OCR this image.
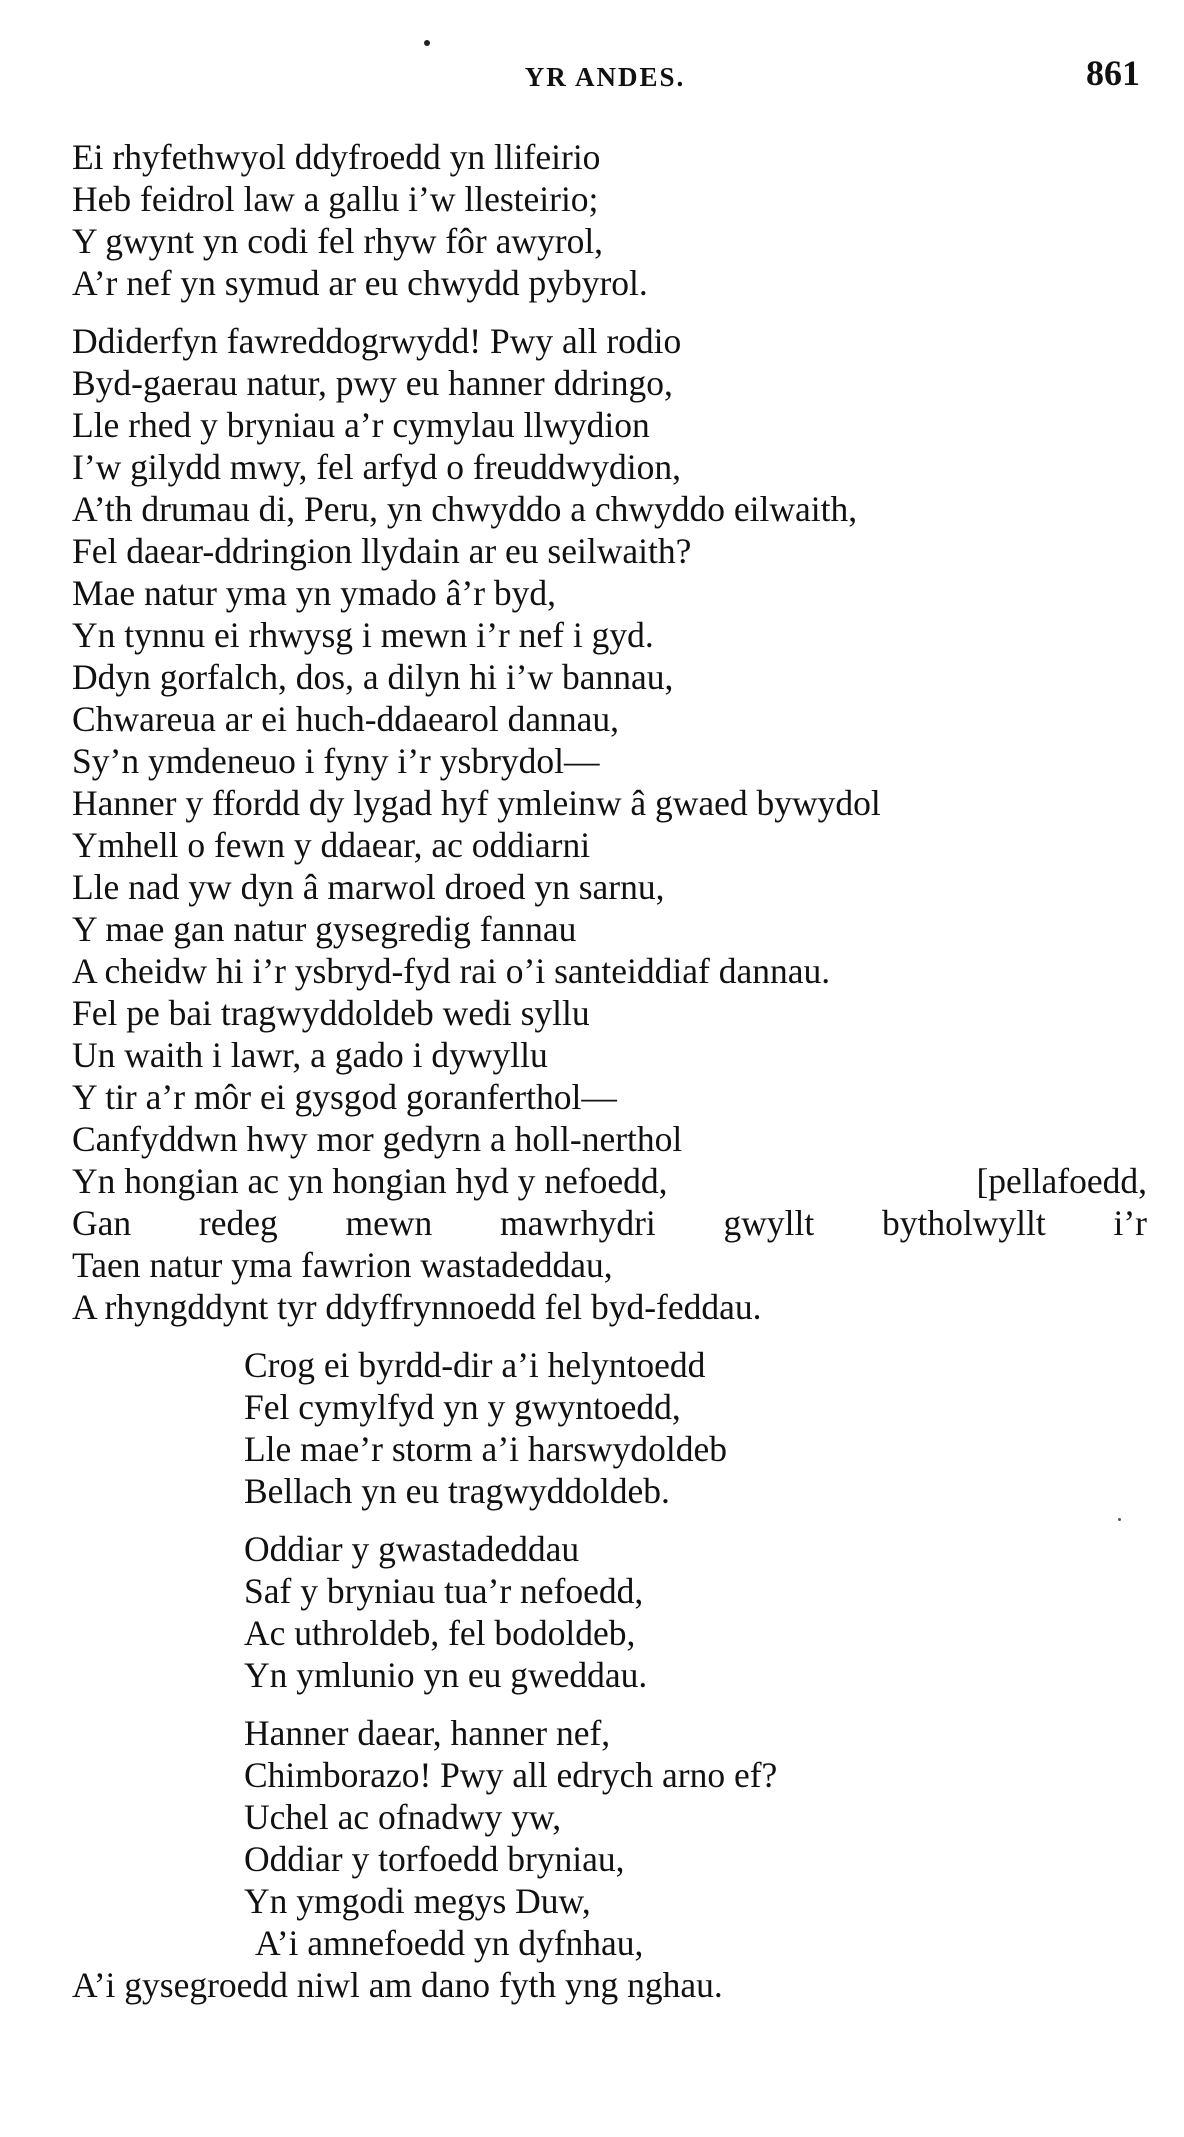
YR ANDES.	861
Ei rhyfethwyol ddyfroedd yn llifeirio
Heb feidrol law a gallu i’w llesteirio;
Y gwynt yn codi fel rhyw fôr awyrol,
A’r nef yn symud ar eu chwydd pybyrol.
Ddiderfyn fawreddogrwydd! Pwy all rodio
Byd-gaerau natur, pwy eu hanner ddringo,
Lle rhed y bryniau a’r cymylau llwydion
I’w gilydd mwy, fel arfyd o freuddwydion,
A’th drumau di, Peru, yn chwyddo a chwyddo eilwaith,
Fel daear-ddringion llydain ar eu seilwaith?
Mae natur yma yn ymado â’r byd,
Yn tynnu ei rhwysg i mewn i’r nef i gyd.
Ddyn gorfalch, dos, a dilyn hi i’w bannau,
Chwareua ar ei huch-ddaearol dannau,
Sy’n ymdeneuo i fyny i’r ysbrydol—
Hanner y ffordd dy lygad hyf ymleinw â gwaed bywydol
Ymhell o fewn y ddaear, ac oddiarni
Lle nad yw dyn â marwol droed yn sarnu,
Y mae gan natur gysegredig fannau
A cheidw hi i’r ysbryd-fyd rai o’i santeiddiaf dannau.
Fel pe bai tragwyddoldeb wedi syllu
Un waith i lawr, a gado i dywyllu
Y tir a’r môr ei gysgod goranferthol—
Canfyddwn hwy mor gedyrn a holl-nerthol
Yn hongian ac yn hongian hyd y nefoedd,	[pellafoedd,
Gan redeg mewn mawrhydri gwyllt bytholwyllt i’r
Taen natur yma fawrion wastadeddau,
A rhyngddynt tyr ddyffrynnoedd fel byd-feddau.
Crog ei byrdd-dir a’i helyntoedd
Fel cymylfyd yn y gwyntoedd,
Lle mae’r storm a’i harswydoldeb
Bellach yn eu tragwyddoldeb.
Oddiar y gwastadeddau
Saf y bryniau tua’r nefoedd,
Ac uthroldeb, fel bodoldeb,
Yn ymlunio yn eu gweddau.
Hanner daear, hanner nef,
Chimborazo! Pwy all edrych arno ef?
Uchel ac ofnadwy yw,
Oddiar y torfoedd bryniau,
Yn ymgodi megys Duw,
A’i amnefoedd yn dyfnhau,
A’i gysegroedd niwl am dano fyth yng nghau.
